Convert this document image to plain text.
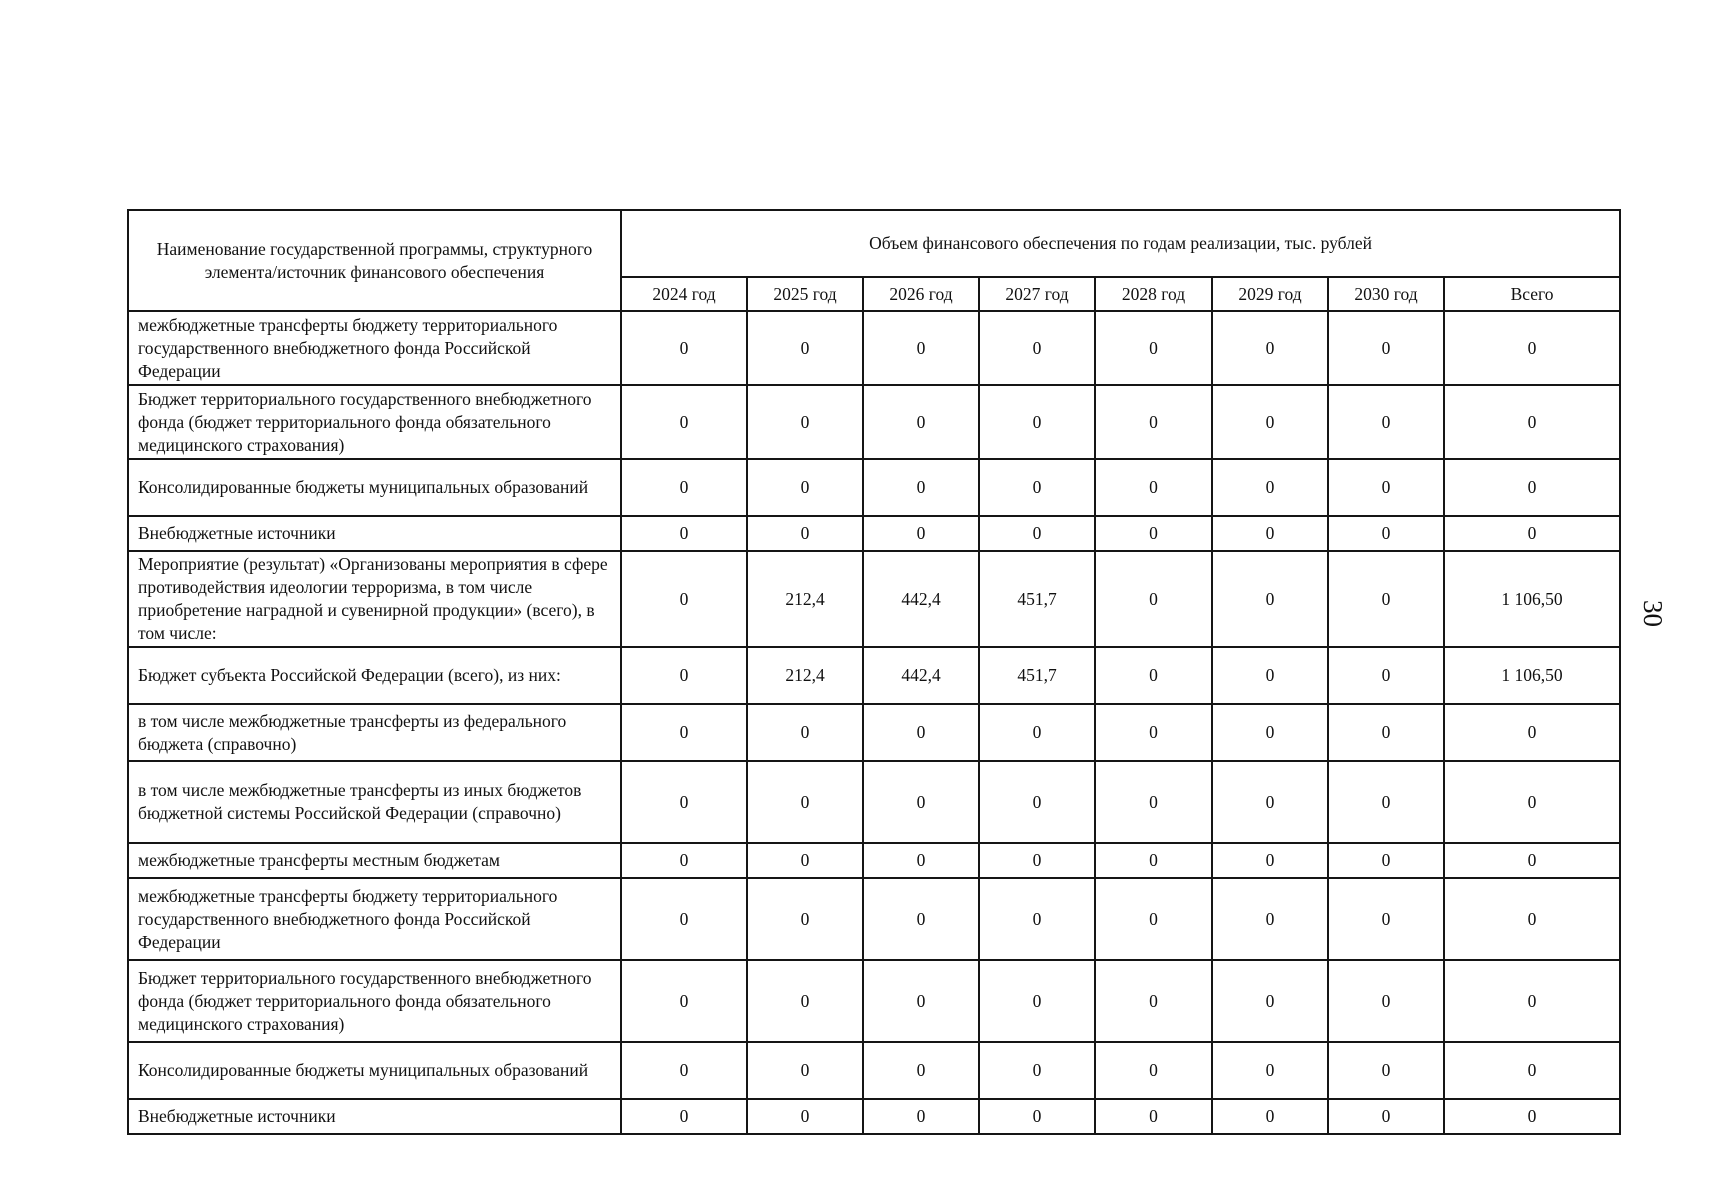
Наименование государственной программы, структурного элемента/источник финансового обеспечения	Объем финансового обеспечения по годам реализации, тыс. рублей							
	2024 год	2025 год	2026 год	2027 год	2028 год	2029 год	2030 год	Всего
межбюджетные трансферты бюджету территориального государственного внебюджетного фонда Российской Федерации	0	0	0	0	0	0	0	0
Бюджет территориального государственного внебюджетного фонда (бюджет территориального фонда обязательного медицинского страхования)	0	0	0	0	0	0	0	0
Консолидированные бюджеты муниципальных образований	0	0	0	0	0	0	0	0
Внебюджетные источники	0	0	0	0	0	0	0	0
Мероприятие (результат) «Организованы мероприятия в сфере противодействия идеологии терроризма, в том числе приобретение наградной и сувенирной продукции» (всего), в том числе:	0	212,4	442,4	451,7	0	0	0	1 106,50
Бюджет субъекта Российской Федерации (всего), из них:	0	212,4	442,4	451,7	0	0	0	1 106,50
в том числе межбюджетные трансферты из федерального бюджета (справочно)	0	0	0	0	0	0	0	0
в том числе межбюджетные трансферты из иных бюджетов бюджетной системы Российской Федерации (справочно)	0	0	0	0	0	0	0	0
межбюджетные трансферты местным бюджетам	0	0	0	0	0	0	0	0
межбюджетные трансферты бюджету территориального государственного внебюджетного фонда Российской Федерации	0	0	0	0	0	0	0	0
Бюджет территориального государственного внебюджетного фонда (бюджет территориального фонда обязательного медицинского страхования)	0	0	0	0	0	0	0	0
Консолидированные бюджеты муниципальных образований	0	0	0	0	0	0	0	0
Внебюджетные источники	0	0	0	0	0	0	0	0
30
